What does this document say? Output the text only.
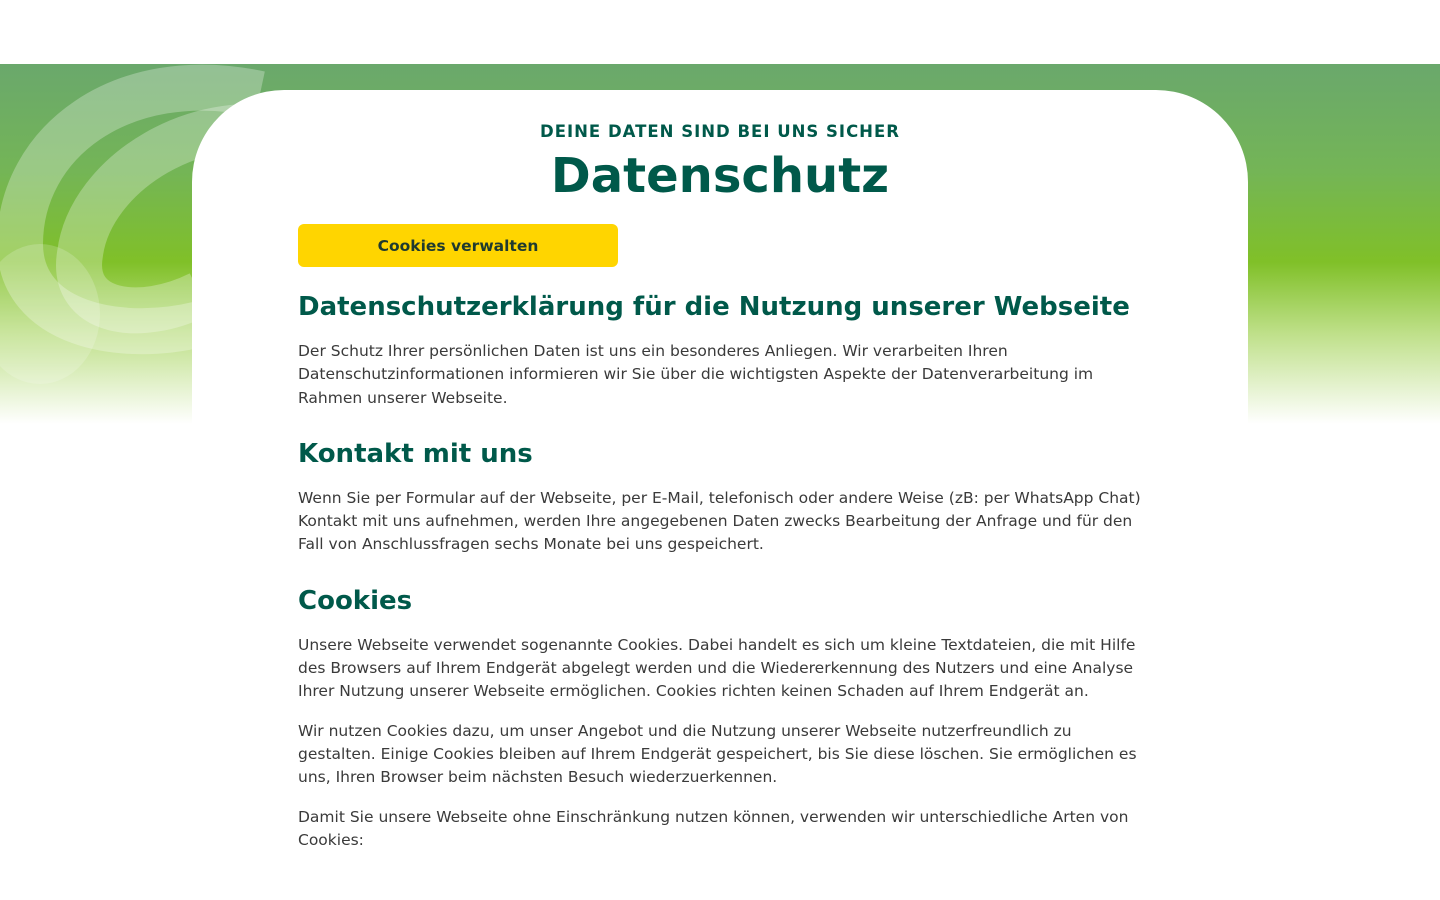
DEINE DATEN SIND BEI UNS SICHER
Datenschutz
Cookies verwalten
Datenschutzerklärung für die Nutzung unserer Webseite

Der Schutz Ihrer persönlichen Daten ist uns ein besonderes Anliegen. Wir verarbeiten Ihren Datenschutzinformationen informieren wir Sie über die wichtigsten Aspekte der Datenverarbeitung im Rahmen unserer Webseite.

Kontakt mit uns

Wenn Sie per Formular auf der Webseite, per E-Mail, telefonisch oder andere Weise (zB: per WhatsApp Chat) Kontakt mit uns aufnehmen, werden Ihre angegebenen Daten zwecks Bearbeitung der Anfrage und für den Fall von Anschlussfragen sechs Monate bei uns gespeichert.

Cookies

Unsere Webseite verwendet sogenannte Cookies. Dabei handelt es sich um kleine Textdateien, die mit Hilfe des Browsers auf Ihrem Endgerät abgelegt werden und die Wiedererkennung des Nutzers und eine Analyse Ihrer Nutzung unserer Webseite ermöglichen. Cookies richten keinen Schaden auf Ihrem Endgerät an.

Wir nutzen Cookies dazu, um unser Angebot und die Nutzung unserer Webseite nutzerfreundlich zu gestalten. Einige Cookies bleiben auf Ihrem Endgerät gespeichert, bis Sie diese löschen. Sie ermöglichen es uns, Ihren Browser beim nächsten Besuch wiederzuerkennen.

Damit Sie unsere Webseite ohne Einschränkung nutzen können, verwenden wir unterschiedliche Arten von Cookies:
